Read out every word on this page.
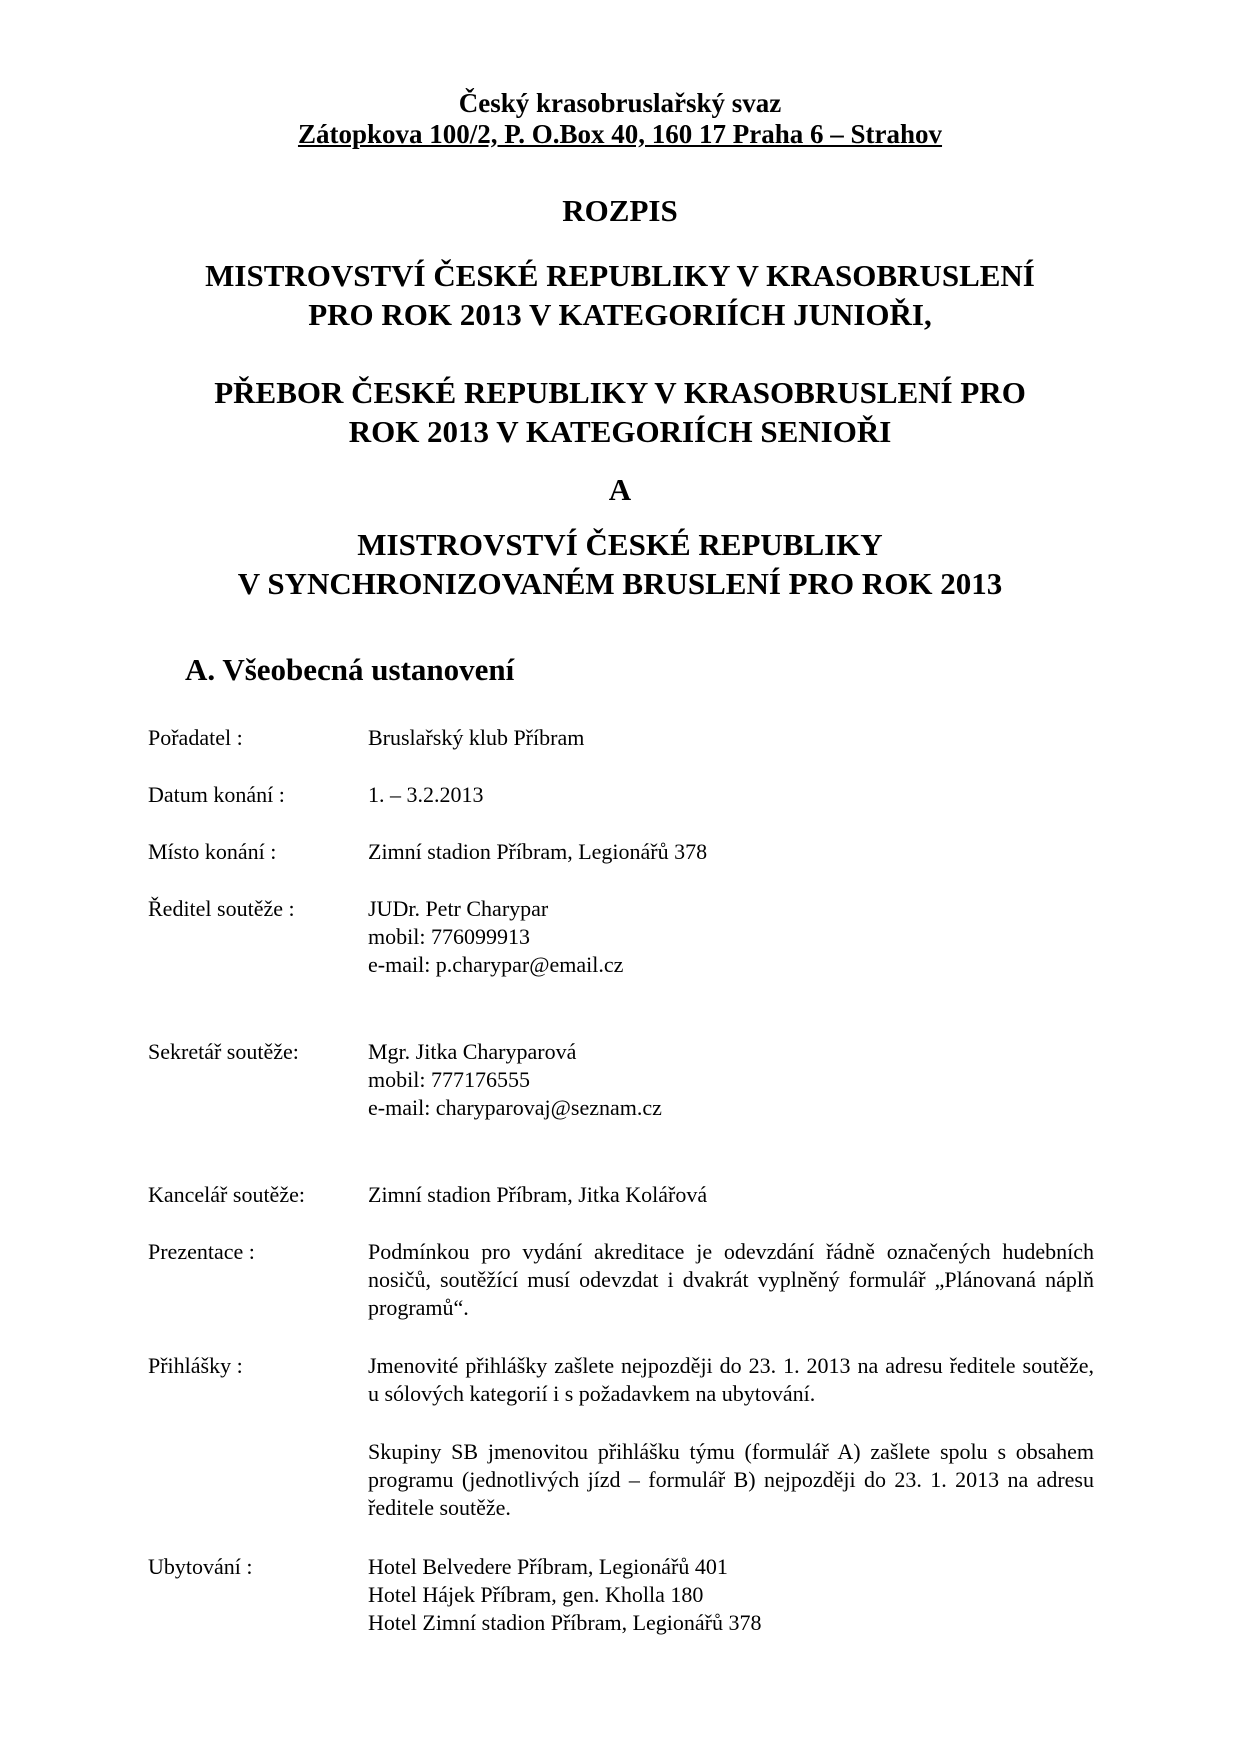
Český krasobruslařský svaz
Zátopkova 100/2, P. O.Box 40, 160 17 Praha 6 – Strahov
ROZPIS
MISTROVSTVÍ ČESKÉ REPUBLIKY V KRASOBRUSLENÍ
PRO ROK 2013 V KATEGORIÍCH JUNIOŘI,
PŘEBOR ČESKÉ REPUBLIKY V KRASOBRUSLENÍ PRO
ROK 2013 V KATEGORIÍCH SENIOŘI
A
MISTROVSTVÍ ČESKÉ REPUBLIKY
V SYNCHRONIZOVANÉM BRUSLENÍ PRO ROK 2013
A. Všeobecná ustanovení
Pořadatel :	Bruslařský klub Příbram
Datum konání :	1. – 3.2.2013
Místo konání :	Zimní stadion Příbram, Legionářů 378
Ředitel soutěže :	JUDr. Petr Charypar
mobil: 776099913
e-mail: p.charypar@email.cz
Sekretář soutěže:	Mgr. Jitka Charyparová
mobil: 777176555
e-mail: charyparovaj@seznam.cz
Kancelář soutěže:	Zimní stadion Příbram, Jitka Kolářová
Prezentace :	Podmínkou pro vydání akreditace je odevzdání řádně označených hudebních nosičů, soutěžící musí odevzdat i dvakrát vyplněný formulář „Plánovaná náplň programů“.
Přihlášky :	Jmenovité přihlášky zašlete nejpozději do 23. 1. 2013 na adresu ředitele soutěže, u sólových kategorií i s požadavkem na ubytování.
Skupiny SB jmenovitou přihlášku týmu (formulář A) zašlete spolu s obsahem programu (jednotlivých jízd – formulář B) nejpozději do 23. 1. 2013 na adresu ředitele soutěže.
Ubytování :	Hotel Belvedere Příbram, Legionářů 401
Hotel Hájek Příbram, gen. Kholla 180
Hotel Zimní stadion Příbram, Legionářů 378
